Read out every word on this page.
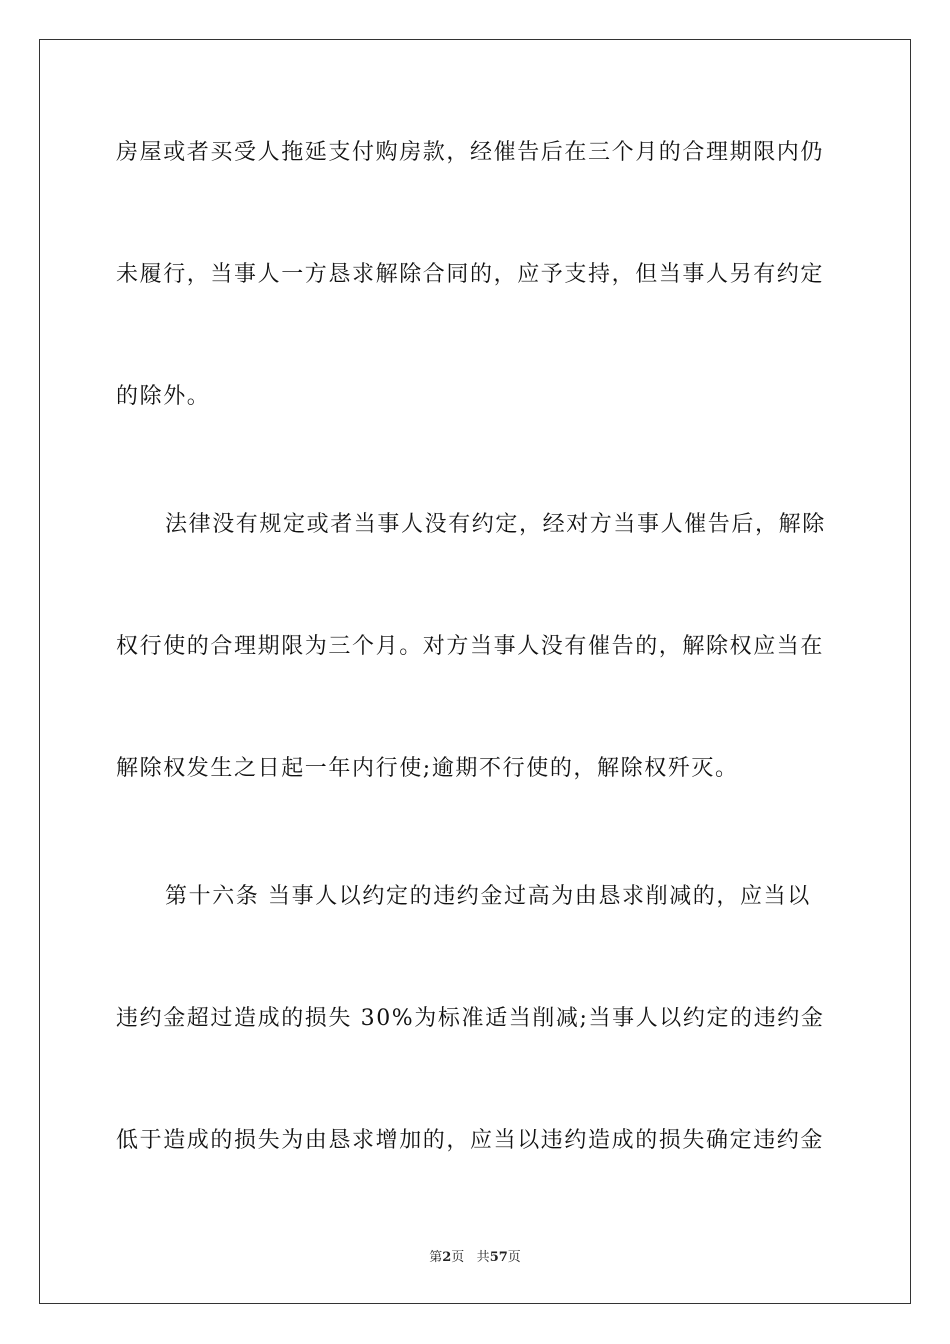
房屋或者买受人拖延支付购房款，经催告后在三个月的合理期限内仍
未履行，当事人一方恳求解除合同的，应予支持，但当事人另有约定
的除外。
法律没有规定或者当事人没有约定，经对方当事人催告后，解除
权行使的合理期限为三个月。对方当事人没有催告的，解除权应当在
解除权发生之日起一年内行使;逾期不行使的，解除权歼灭。
第十六条 当事人以约定的违约金过高为由恳求削减的，应当以
违约金超过造成的损失 30%为标准适当削减;当事人以约定的违约金
低于造成的损失为由恳求增加的，应当以违约造成的损失确定违约金
第2页 共57页
